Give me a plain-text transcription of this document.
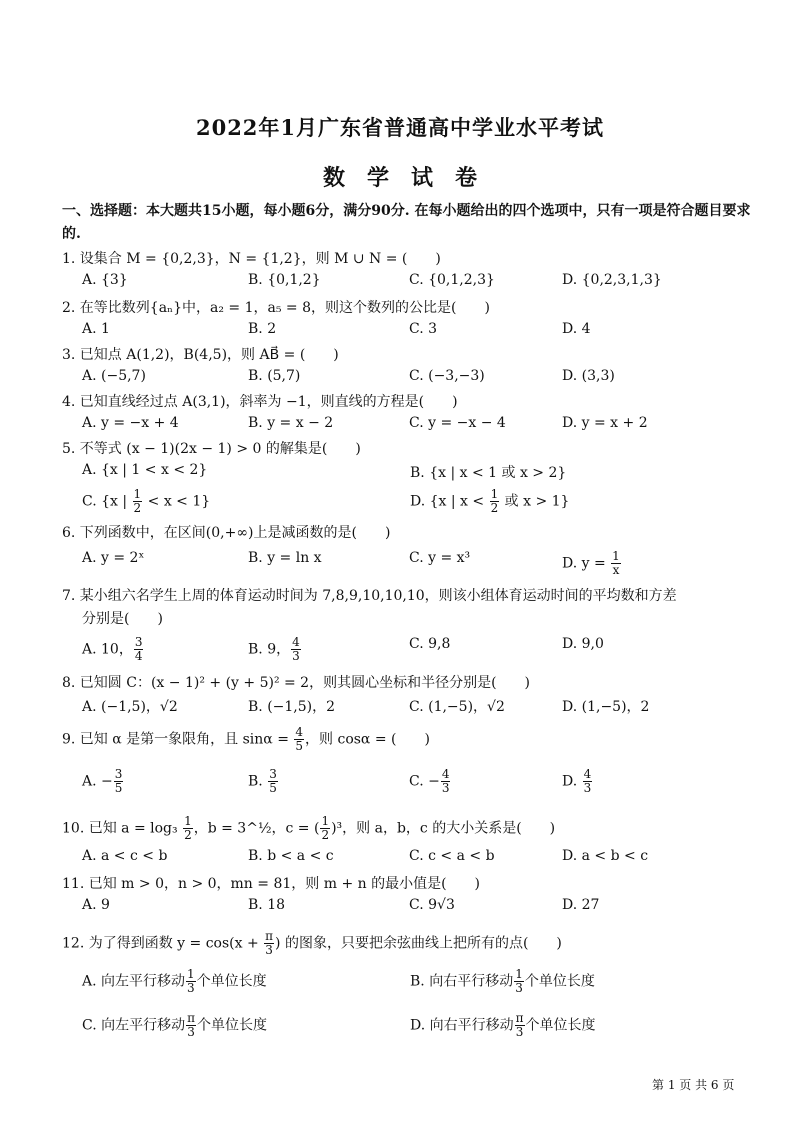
2022年1月广东省普通高中学业水平考试
数学试卷
一、选择题：本大题共15小题，每小题6分，满分90分. 在每小题给出的四个选项中，只有一项是符合题目要求的.
1. 设集合 M = {0,2,3}，N = {1,2}，则 M ∪ N = (　　)
A. {3}	B. {0,1,2}	C. {0,1,2,3}	D. {0,2,3,1,3}
2. 在等比数列{aₙ}中，a₂ = 1，a₅ = 8，则这个数列的公比是(　　)
A. 1	B. 2	C. 3	D. 4
3. 已知点 A(1,2)，B(4,5)，则 AB⃗ = (　　)
A. (−5,7)	B. (5,7)	C. (−3,−3)	D. (3,3)
4. 已知直线经过点 A(3,1)，斜率为 −1，则直线的方程是(　　)
A. y = −x + 4	B. y = x − 2	C. y = −x − 4	D. y = x + 2
5. 不等式 (x − 1)(2x − 1) > 0 的解集是(　　)
A. {x | 1 < x < 2}	B. {x | x < 1 或 x > 2}
C. {x | $\frac{1}{2} < x < 1$}	D. {x | $x < \frac{1}{2}$ 或 x > 1}
6. 下列函数中，在区间(0,+∞)上是减函数的是(　　)
A. y = 2ˣ	B. y = ln x	C. y = x³	D. $y = \frac{1}{x}$
7. 某小组六名学生上周的体育运动时间为 7,8,9,10,10,10，则该小组体育运动时间的平均数和方差
分别是(　　)
A. 10， $\frac{3}{4}$	B. 9， $\frac{4}{3}$	C. 9,8	D. 9,0
8. 已知圆 C：(x − 1)² + (y + 5)² = 2，则其圆心坐标和半径分别是(　　)
A. (−1,5)，√2	B. (−1,5)，2	C. (1,−5)，√2	D. (1,−5)，2
9. 已知 α 是第一象限角，且 $\sin\alpha = \frac{4}{5}$ ，则 cosα = (　　)
A. − $\frac{3}{5}$	B. $\frac{3}{5}$	C. − $\frac{4}{3}$	D. $\frac{4}{3}$
10. 已知 $a = \log_3 \frac{1}{2}$ ，b = 3^½，c = ( $\frac{1}{2} )^3$，则 a，b，c 的大小关系是(　　)
A. a < c < b	B. b < a < c	C. c < a < b	D. a < b < c
11. 已知 m > 0，n > 0，mn = 81，则 m + n 的最小值是(　　)
A. 9	B. 18	C. 9√3	D. 27
12. 为了得到函数 $y = \cos(x + \frac{\pi}{3}$ ) 的图象，只要把余弦曲线上把所有的点(　　)
A. 向左平行移动 $\frac{1}{3}$ 个单位长度	B. 向右平行移动 $\frac{1}{3}$ 个单位长度
C. 向左平行移动 $\frac{\pi}{3}$ 个单位长度	D. 向右平行移动 $\frac{\pi}{3}$ 个单位长度
第 1 页 共 6 页
